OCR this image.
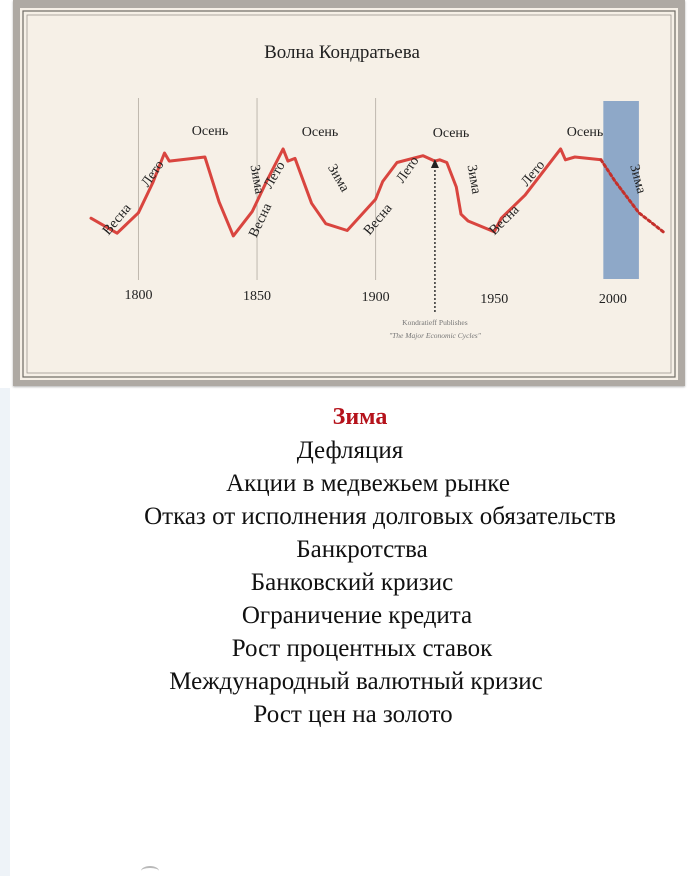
Волна Кондратьева
1800	1850	1900	1950	2000
Весна
Лето
Осень
Зима
Весна
Лето
Осень
Зима
Весна
Лето
Осень
Зима
Весна
Лето
Осень
Зима
Kondratieff Publishes
"The Major Economic Cycles"
Зима
Дефляция
Акции в медвежьем рынке
Отказ от исполнения долговых обязательств
Банкротства
Банковский кризис
Ограничение кредита
Рост процентных ставок
Международный валютный кризис
Рост цен на золото
